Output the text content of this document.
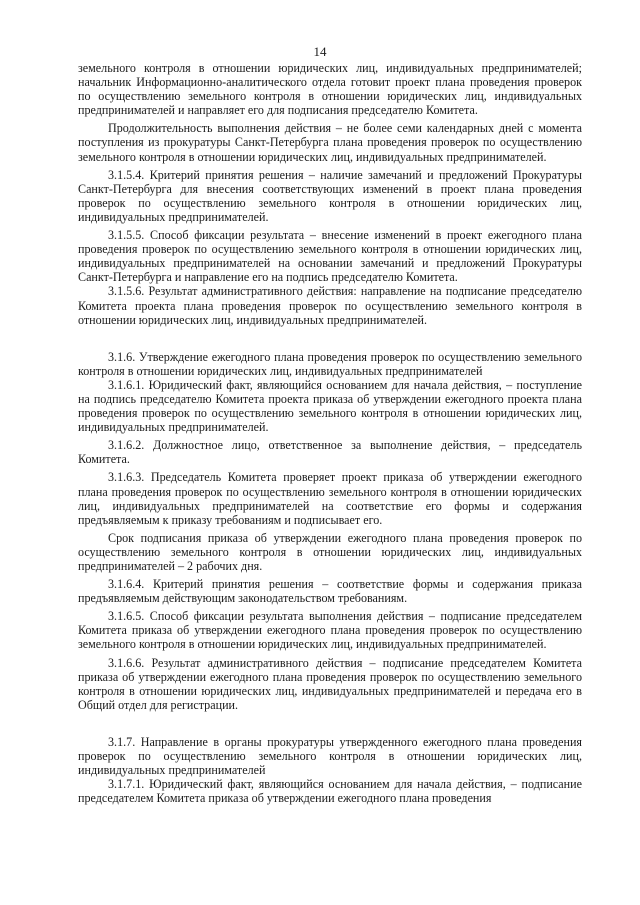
14

земельного контроля в отношении юридических лиц, индивидуальных предпринимателей; начальник Информационно-аналитического отдела готовит проект плана проведения проверок по осуществлению земельного контроля в отношении юридических лиц, индивидуальных предпринимателей и направляет его для подписания председателю Комитета.

Продолжительность выполнения действия – не более семи календарных дней с момента поступления из прокуратуры Санкт-Петербурга плана проведения проверок по осуществлению земельного контроля в отношении юридических лиц, индивидуальных предпринимателей.

3.1.5.4. Критерий принятия решения – наличие замечаний и предложений Прокуратуры Санкт-Петербурга для внесения соответствующих изменений в проект плана проведения проверок по осуществлению земельного контроля в отношении юридических лиц, индивидуальных предпринимателей.

3.1.5.5. Способ фиксации результата – внесение изменений в проект ежегодного плана проведения проверок по осуществлению земельного контроля в отношении юридических лиц, индивидуальных предпринимателей на основании замечаний и предложений Прокуратуры Санкт-Петербурга и направление его на подпись председателю Комитета.

3.1.5.6. Результат административного действия: направление на подписание председателю Комитета проекта плана проведения проверок по осуществлению земельного контроля в отношении юридических лиц, индивидуальных предпринимателей.

3.1.6. Утверждение ежегодного плана проведения проверок по осуществлению земельного контроля в отношении юридических лиц, индивидуальных предпринимателей

3.1.6.1. Юридический факт, являющийся основанием для начала действия, – поступление на подпись председателю Комитета проекта приказа об утверждении ежегодного проекта плана проведения проверок по осуществлению земельного контроля в отношении юридических лиц, индивидуальных предпринимателей.

3.1.6.2. Должностное лицо, ответственное за выполнение действия, – председатель Комитета.

3.1.6.3. Председатель Комитета проверяет проект приказа об утверждении ежегодного плана проведения проверок по осуществлению земельного контроля в отношении юридических лиц, индивидуальных предпринимателей на соответствие его формы и содержания предъявляемым к приказу требованиям и подписывает его.

Срок подписания приказа об утверждении ежегодного плана проведения проверок по осуществлению земельного контроля в отношении юридических лиц, индивидуальных предпринимателей – 2 рабочих дня.

3.1.6.4. Критерий принятия решения – соответствие формы и содержания приказа предъявляемым действующим законодательством требованиям.

3.1.6.5. Способ фиксации результата выполнения действия – подписание председателем Комитета приказа об утверждении ежегодного плана проведения проверок по осуществлению земельного контроля в отношении юридических лиц, индивидуальных предпринимателей.

3.1.6.6. Результат административного действия – подписание председателем Комитета приказа об утверждении ежегодного плана проведения проверок по осуществлению земельного контроля в отношении юридических лиц, индивидуальных предпринимателей и передача его в Общий отдел для регистрации.

3.1.7. Направление в органы прокуратуры утвержденного ежегодного плана проведения проверок по осуществлению земельного контроля в отношении юридических лиц, индивидуальных предпринимателей

3.1.7.1. Юридический факт, являющийся основанием для начала действия, – подписание председателем Комитета приказа об утверждении ежегодного плана проведения
